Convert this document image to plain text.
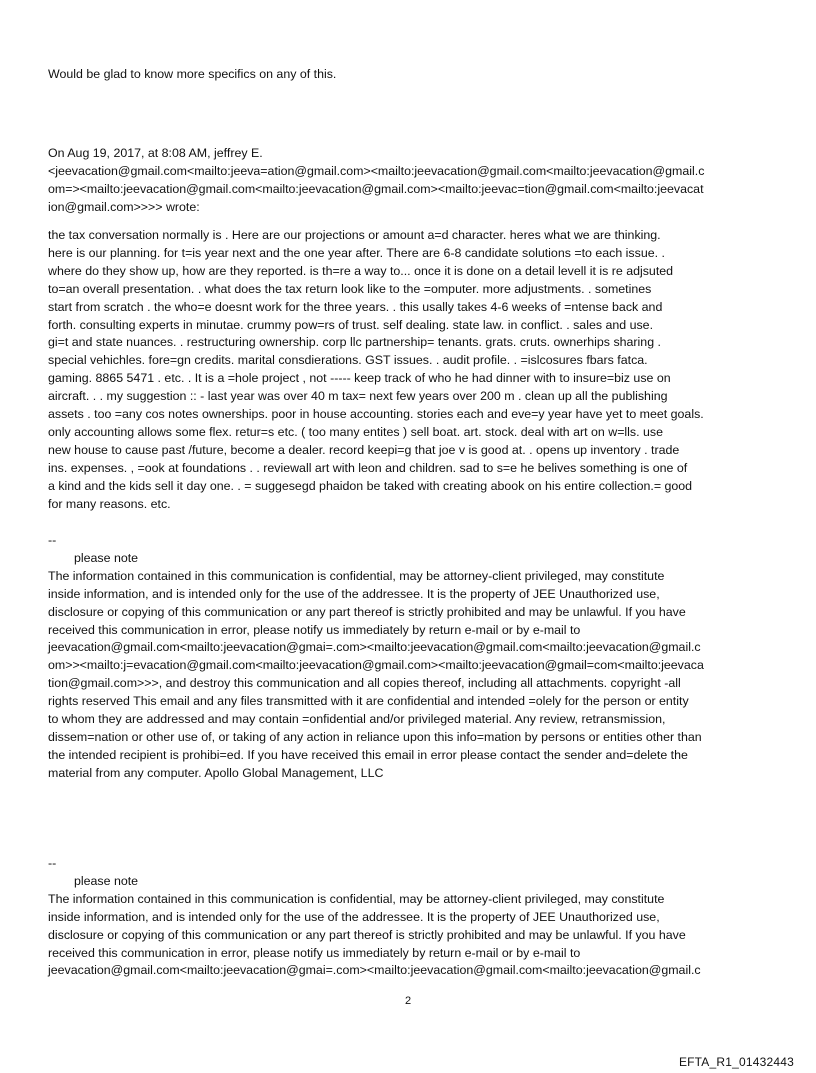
Would be glad to know more specifics on any of this.

On Aug 19, 2017, at 8:08 AM, jeffrey E.

<jeevacation@gmail.com<mailto:jeeva=ation@gmail.com><mailto:jeevacation@gmail.com<mailto:jeevacation@gmail.c

om=><mailto:jeevacation@gmail.com<mailto:jeevacation@gmail.com><mailto:jeevac=tion@gmail.com<mailto:jeevacat

ion@gmail.com>>>> wrote:

the tax conversation normally is . Here are our projections or amount a=d character. heres what we are thinking.

here is our planning. for t=is year next and the one year after. There are 6-8 candidate solutions =to each issue. .

where do they show up, how are they reported. is th=re a way to... once it is done on a detail levell it is re adjsuted

to=an overall presentation. . what does the tax return look like to the =omputer. more adjustments. . sometines

start from scratch . the who=e doesnt work for the three years. . this usally takes 4-6 weeks of =ntense back and

forth. consulting experts in minutae. crummy pow=rs of trust. self dealing. state law. in conflict. . sales and use.

gi=t and state nuances. . restructuring ownership. corp llc partnership= tenants. grats. cruts. ownerhips sharing .

special vehichles. fore=gn credits. marital consdierations. GST issues. . audit profile. . =islcosures fbars fatca.

gaming. 8865 5471 . etc. . It is a =hole project , not ----- keep track of who he had dinner with to insure=biz use on

aircraft. . . my suggestion :: - last year was over 40 m tax= next few years over 200 m . clean up all the publishing

assets . too =any cos notes ownerships. poor in house accounting. stories each and eve=y year have yet to meet goals.

only accounting allows some flex. retur=s etc. ( too many entites ) sell boat. art. stock. deal with art on w=lls. use

new house to cause past /future, become a dealer. record keepi=g that joe v is good at. . opens up inventory . trade

ins. expenses. , =ook at foundations . . reviewall art with leon and children. sad to s=e he belives something is one of

a kind and the kids sell it day one. . = suggesegd phaidon be taked with creating abook on his entire collection.= good

for many reasons. etc.

--

please note

The information contained in this communication is confidential, may be attorney-client privileged, may constitute

inside information, and is intended only for the use of the addressee. It is the property of JEE Unauthorized use,

disclosure or copying of this communication or any part thereof is strictly prohibited and may be unlawful. If you have

received this communication in error, please notify us immediately by return e-mail or by e-mail to

jeevacation@gmail.com<mailto:jeevacation@gmai=.com><mailto:jeevacation@gmail.com<mailto:jeevacation@gmail.c

om>><mailto:j=evacation@gmail.com<mailto:jeevacation@gmail.com><mailto:jeevacation@gmail=com<mailto:jeevaca

tion@gmail.com>>>, and destroy this communication and all copies thereof, including all attachments. copyright -all

rights reserved This email and any files transmitted with it are confidential and intended =olely for the person or entity

to whom they are addressed and may contain =onfidential and/or privileged material. Any review, retransmission,

dissem=nation or other use of, or taking of any action in reliance upon this info=mation by persons or entities other than

the intended recipient is prohibi=ed. If you have received this email in error please contact the sender and=delete the

material from any computer. Apollo Global Management, LLC

--

please note

The information contained in this communication is confidential, may be attorney-client privileged, may constitute

inside information, and is intended only for the use of the addressee. It is the property of JEE Unauthorized use,

disclosure or copying of this communication or any part thereof is strictly prohibited and may be unlawful. If you have

received this communication in error, please notify us immediately by return e-mail or by e-mail to

jeevacation@gmail.com<mailto:jeevacation@gmai=.com><mailto:jeevacation@gmail.com<mailto:jeevacation@gmail.c

2
EFTA_R1_01432443
